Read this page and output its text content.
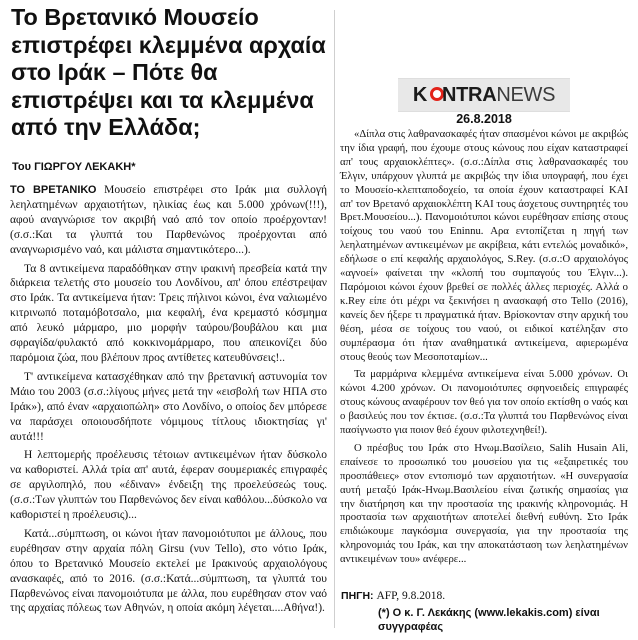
Το Βρετανικό Μουσείο επιστρέφει κλεμμένα αρχαία στο Ιράκ – Πότε θα επιστρέψει και τα κλεμμένα από την Ελλάδα;
Του ΓΙΩΡΓΟΥ ΛΕΚΑΚΗ*

ΤΟ ΒΡΕΤΑΝΙΚΟ Μουσείο επιστρέφει στο Ιράκ μια συλλογή λεηλατημένων αρχαιοτήτων, ηλικίας έως και 5.000 χρόνων(!!!), αφού αναγνώρισε τον ακριβή ναό από τον οποίο προέρχονταν! (σ.σ.:Και τα γλυπτά του Παρθενώνος προέρχονται από αναγνωρισμένο ναό, και μάλιστα σημαντικότερο...).

Τα 8 αντικείμενα παραδόθηκαν στην ιρακινή πρεσβεία κατά την διάρκεια τελετής στο μουσείο του Λονδίνου, απ' όπου επέστρεψαν στο Ιράκ. Τα αντικείμενα ήταν: Τρεις πήλινοι κώνοι, ένα ναλιωμένο κιτρινωπό ποταμόβοτσαλο, μια κεφαλή, ένα κρεμαστό κόσμημα από λευκό μάρμαρο, μιο μορφήν ταύρου/βουβάλου και μια σφραγίδα/φυλακτό από κοκκινομάρμαρο, που απεικονίζει δύο παρόμοια ζώα, που βλέπουν προς αντίθετες κατευθύνσεις!..

Τ' αντικείμενα κατασχέθηκαν από την βρετανική αστυνομία τον Μάιο του 2003 (σ.σ.:λίγους μήνες μετά την «εισβολή των ΗΠΑ στο Ιράκ»), από έναν «αρχαιοπώλη» στο Λονδίνο, ο οποίος δεν μπόρεσε να παράσχει οποιουσδήποτε νόμιμους τίτλους ιδιοκτησίας γι' αυτά!!!

Η λεπτομερής προέλευσις τέτοιων αντικειμένων ήταν δύσκολο να καθοριστεί. Αλλά τρία απ' αυτά, έφεραν σουμεριακές επιγραφές σε αργιλοπηλό, που «έδιναν» ένδειξη της προελεύσεώς τους. (σ.σ.:Των γλυπτών του Παρθενώνος δεν είναι καθόλου...δύσκολο να καθοριστεί η προέλευσις)...

Κατά...σύμπτωση, οι κώνοι ήταν πανομοιότυποι με άλλους, που ευρέθησαν στην αρχαία πόλη Girsu (νυν Tello), στο νότιο Ιράκ, όπου το Βρετανικό Μουσείο εκτελεί με Ιρακινούς αρχαιολόγους ανασκαφές, από το 2016. (σ.σ.:Κατά...σύμπτωση, τα γλυπτά του Παρθενώνος είναι πανομοιότυπα με άλλα, που ευρέθησαν στον ναό της αρχαίας πόλεως των Αθηνών, η οποία ακόμη λέγεται....Αθήνα!).

K NTRANEWS
26.8.2018

«Δίπλα στις λαθρανασκαφές ήταν σπασμένοι κώνοι με ακριβώς την ίδια γραφή, που έχουμε στους κώνους που είχαν καταστραφεί απ' τους αρχαιοκλέπτες». (σ.σ.:Δίπλα στις λαθρανασκαφές του Έλγιν, υπάρχουν γλυπτά με ακριβώς την ίδια υπογραφή, που έχει το Μουσείο-κλεπταποδοχείο, τα οποία έχουν καταστραφεί ΚΑΙ απ' τον Βρετανό αρχαιοκλέπτη ΚΑΙ τους άσχετους συντηρητές του Βρετ.Μουσείου...). Πανομοιότυποι κώνοι ευρέθησαν επίσης στους τοίχους του ναού του Eninnu. Αρα εντοπίζεται η πηγή των λεηλατημένων αντικειμένων με ακρίβεια, κάτι εντελώς μοναδικό», εδήλωσε ο επί κεφαλής αρχαιολόγος, S.Rey. (σ.σ.:Ο αρχαιολόγος «αγνοεί» φαίνεται την «κλοπή του συμπαγούς του Έλγιν...). Παρόμοιοι κώνοι έχουν βρεθεί σε πολλές άλλες περιοχές. Αλλά ο κ.Rey είπε ότι μέχρι να ξεκινήσει η ανασκαφή στο Tello (2016), κανείς δεν ήξερε τι πραγματικά ήταν. Βρίσκονταν στην αρχική του θέση, μέσα σε τοίχους του ναού, οι ειδικοί κατέληξαν στο συμπέρασμα ότι ήταν αναθηματικά αντικείμενα, αφιερωμένα στους θεούς των Μεσοποταμίων...

Τα μαρμάρινα κλεμμένα αντικείμενα είναι 5.000 χρόνων. Οι κώνοι 4.200 χρόνων. Οι πανομοιότυπες σφηνοειδείς επιγραφές στους κώνους αναφέρουν τον θεό για τον οποίο εκτίσθη ο ναός και ο βασιλεύς που τον έκτισε. (σ.σ.:Τα γλυπτά του Παρθενώνος είναι πασίγνωστο για ποιον θεό έχουν φιλοτεχνηθεί!).

Ο πρέσβυς του Ιράκ στο Ηνωμ.Βασίλειο, Salih Husain Ali, επαίνεσε το προσωπικό του μουσείου για τις «εξαιρετικές του προσπάθειες» στον εντοπισμό των αρχαιοτήτων. «Η συνεργασία αυτή μεταξύ Ιράκ-Ηνωμ.Βασιλείου είναι ζωτικής σημασίας για την διατήρηση και την προστασία της ιρακινής κληρονομιάς. Η προστασία των αρχαιοτήτων αποτελεί διεθνή ευθύνη. Στο Ιράκ επιδιώκουμε παγκόσμια συνεργασία, για την προστασία της κληρονομιάς του Ιράκ, και την αποκατάσταση των λεηλατημένων αντικειμένων του» ανέφερε...

ΠΗΓΗ: AFP, 9.8.2018.
(*) Ο κ. Γ. Λεκάκης (www.lekakis.com) είναι συγγραφέας
